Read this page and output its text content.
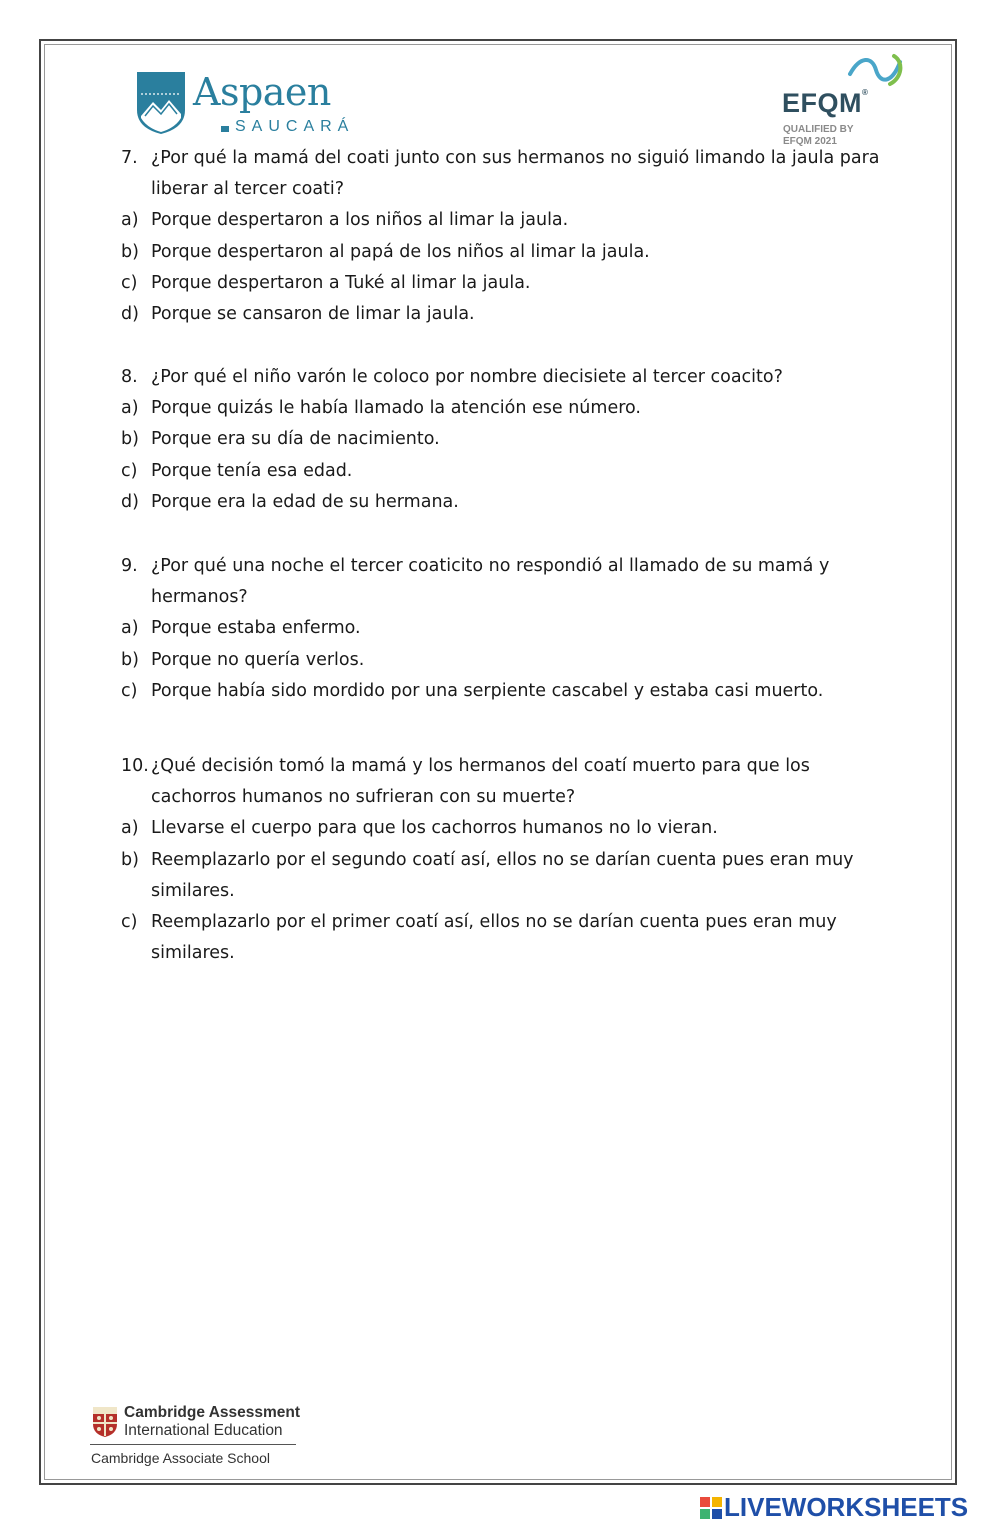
Aspaen
SAUCARÁ
EFQM®
QUALIFIED BY EFQM 2021
7. ¿Por qué la mamá del coati junto con sus hermanos no siguió limando la jaula para
liberar al tercer coati?
a) Porque despertaron a los niños al limar la jaula.
b) Porque despertaron al papá de los niños al limar la jaula.
c) Porque despertaron a Tuké al limar la jaula.
d) Porque se cansaron de limar la jaula.
8. ¿Por qué el niño varón le coloco por nombre diecisiete al tercer coacito?
a) Porque quizás le había llamado la atención ese número.
b) Porque era su día de nacimiento.
c) Porque tenía esa edad.
d) Porque era la edad de su hermana.
9. ¿Por qué una noche el tercer coaticito no respondió al llamado de su mamá y
hermanos?
a) Porque estaba enfermo.
b) Porque no quería verlos.
c) Porque había sido mordido por una serpiente cascabel y estaba casi muerto.
10. ¿Qué decisión tomó la mamá y los hermanos del coatí muerto para que los
cachorros humanos no sufrieran con su muerte?
a) Llevarse el cuerpo para que los cachorros humanos no lo vieran.
b) Reemplazarlo por el segundo coatí así, ellos no se darían cuenta pues eran muy
similares.
c) Reemplazarlo por el primer coatí así, ellos no se darían cuenta pues eran muy
similares.
Cambridge Assessment
International Education
Cambridge Associate School
LIVEWORKSHEETS
